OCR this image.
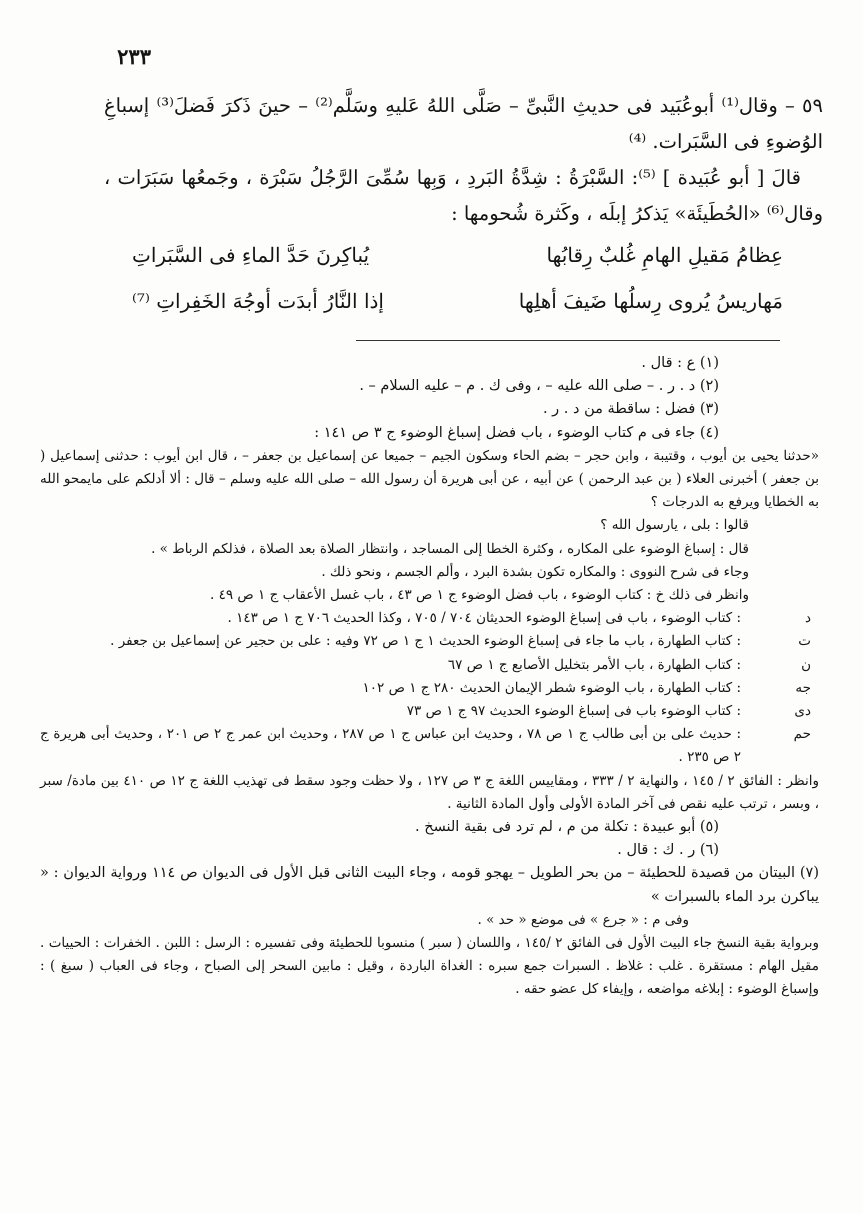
٢٣٣

٥٩ – وقال⁽¹⁾ أبوعُبَيد فى حديثِ النَّبىِّ – صَلَّى اللهُ عَليهِ وسَلَّم⁽²⁾ – حينَ ذَكرَ فَضلَ⁽³⁾ إسباغِ الوُضوءِ فى السَّبَرات. ⁽⁴⁾

قالَ [ أبو عُبَيدة ] ⁽⁵⁾: السَّبْرَةُ : شِدَّةُ البَردِ ، وَبِها سُمِّىَ الرَّجُلُ سَبْرَة ، وجَمعُها سَبَرَات ، وقال⁽⁶⁾ «الحُطَيئَة» يَذكرُ إبلَه ، وكَثرة شُحومها :

عِظامُ مَقيلِ الهامِ غُلبٌ رِقابُها
يُباكِرنَ حَدَّ الماءِ فى السَّبَراتِ
مَهاريسُ يُروى رِسلُها ضَيفَ أهلِها
إذا النَّارُ أبدَت أوجُهَ الخَفِراتِ ⁽⁷⁾

(١) ع : قال .

(٢) د . ر . – صلى الله عليه – ، وفى ك . م – عليه السلام – .

(٣) فضل : ساقطة من د . ر .

(٤) جاء فى م كتاب الوضوء ، باب فضل إسباغ الوضوء ج ٣ ص ١٤١ :

«حدثنا يحيى بن أيوب ، وقتيبة ، وابن حجر – بضم الحاء وسكون الجيم – جميعا عن إسماعيل بن جعفر – ، قال ابن أيوب : حدثنى إسماعيل ( بن جعفر ) أخبرنى العلاء ( بن عبد الرحمن ) عن أبيه ، عن أبى هريرة أن رسول الله – صلى الله عليه وسلم – قال : ألا أدلكم على مايمحو الله به الخطايا ويرفع به الدرجات ؟

قالوا : بلى ، يارسول الله ؟

قال : إسباغ الوضوء على المكاره ، وكثرة الخطا إلى المساجد ، وانتظار الصلاة بعد الصلاة ، فذلكم الرباط » .

وجاء فى شرح النووى : والمكاره تكون بشدة البرد ، وألم الجسم ، ونحو ذلك .

وانظر فى ذلك خ : كتاب الوضوء ، باب فضل الوضوء ج ١ ص ٤٣ ، باب غسل الأعقاب ج ١ ص ٤٩ .

د
: كتاب الوضوء ، باب فى إسباغ الوضوء الحديثان ٧٠٤ / ٧٠٥ ، وكذا الحديث ٧٠٦ ج ١ ص ١٤٣ .
ت
: كتاب الطهارة ، باب ما جاء فى إسباغ الوضوء الحديث ١ ج ١ ص ٧٢ وفيه : على بن حجير عن إسماعيل بن جعفر .
ن
: كتاب الطهارة ، باب الأمر بتخليل الأصابع ج ١ ص ٦٧
جه
: كتاب الطهارة ، باب الوضوء شطر الإيمان الحديث ٢٨٠ ج ١ ص ١٠٢
دى
: كتاب الوضوء باب فى إسباغ الوضوء الحديث ٩٧ ج ١ ص ٧٣
حم
: حديث على بن أبى طالب ج ١ ص ٧٨ ، وحديث ابن عباس ج ١ ص ٢٨٧ ، وحديث ابن عمر ج ٢ ص ٢٠١ ، وحديث أبى هريرة ج ٢ ص ٢٣٥ .

وانظر : الفائق ٢ / ١٤٥ ، والنهاية ٢ / ٣٣٣ ، ومقاييس اللغة ج ٣ ص ١٢٧ ، ولا حظت وجود سقط فى تهذيب اللغة ج ١٢ ص ٤١٠ بين مادة/ سبر ، وبسر ، ترتب عليه نقص فى آخر المادة الأولى وأول المادة الثانية .

(٥) أبو عبيدة : تكلة من م ، لم ترد فى بقية النسخ .

(٦) ر . ك : قال .

(٧) البيتان من قصيدة للحطيئة – من بحر الطويل – يهجو قومه ، وجاء البيت الثانى قبل الأول فى الديوان ص ١١٤ ورواية الديوان : « يباكرن برد الماء بالسبرات »

وفى م : « جرع » فى موضع « حد » .

وبرواية بقية النسخ جاء البيت الأول فى الفائق ٢ /١٤٥ ، واللسان ( سبر ) منسوبا للحطيئة وفى تفسيره : الرسل : اللبن . الخفرات : الحييات . مقيل الهام : مستقرة . غلب : غلاظ . السبرات جمع سبره : الغداة الباردة ، وقيل : مابين السحر إلى الصباح ، وجاء فى العباب ( سبغ ) : وإسباغ الوضوء : إبلاغه مواضعه ، وإيفاء كل عضو حقه .
